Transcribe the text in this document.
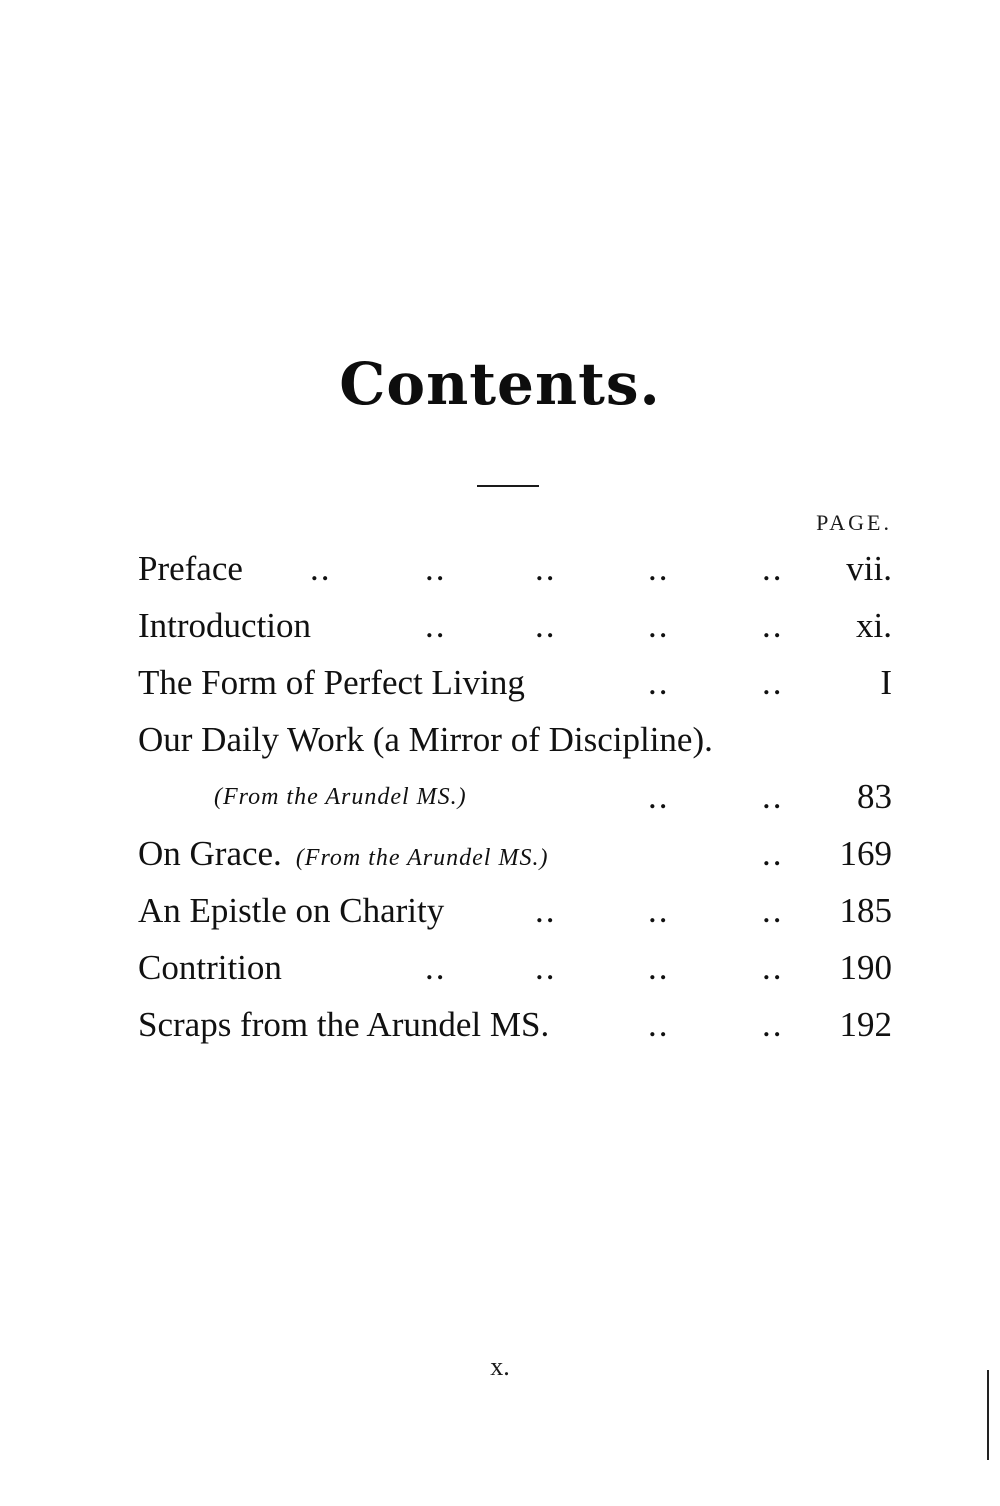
Contents.
PAGE.
Preface	vii.
..	..	..	..	..
Introduction	xi.
..	..	..	..
The Form of Perfect Living	I
..	..
Our Daily Work (a Mirror of Discipline).
(From the Arundel MS.)	83
..	..
On Grace. (From the Arundel MS.)	169
..
An Epistle on Charity	185
..	..	..
Contrition	190
..	..	..	..
Scraps from the Arundel MS.	192
..	..
x.
